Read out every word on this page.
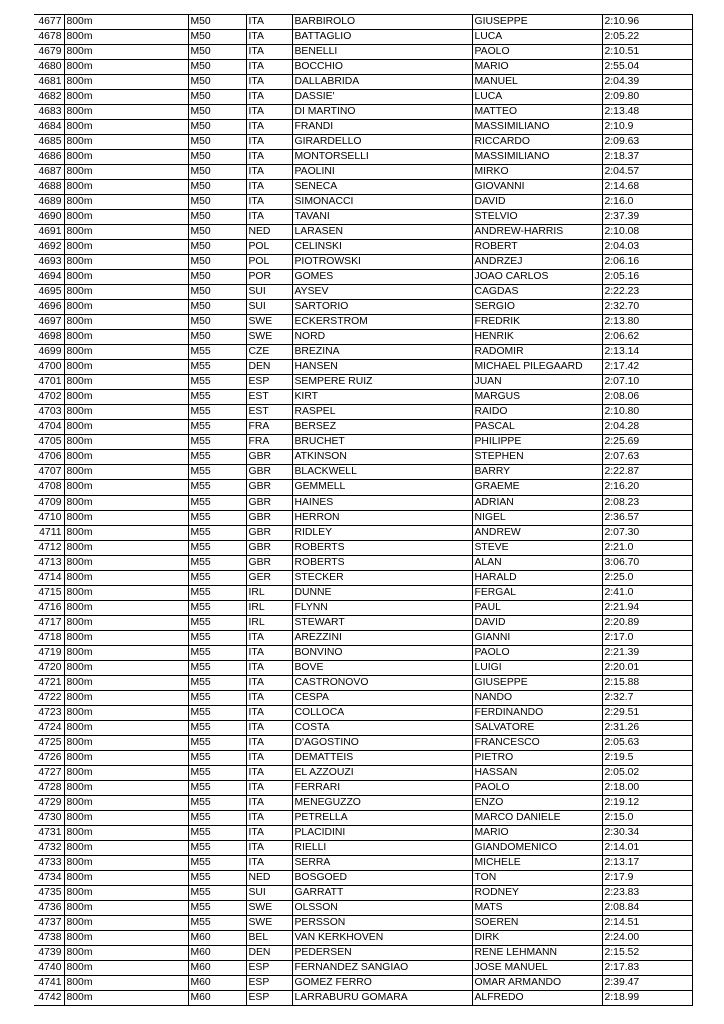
4677	800m	M50	ITA	BARBIROLO	GIUSEPPE	2:10.96
4678	800m	M50	ITA	BATTAGLIO	LUCA	2:05.22
4679	800m	M50	ITA	BENELLI	PAOLO	2:10.51
4680	800m	M50	ITA	BOCCHIO	MARIO	2:55.04
4681	800m	M50	ITA	DALLABRIDA	MANUEL	2:04.39
4682	800m	M50	ITA	DASSIE'	LUCA	2:09.80
4683	800m	M50	ITA	DI MARTINO	MATTEO	2:13.48
4684	800m	M50	ITA	FRANDI	MASSIMILIANO	2:10.9
4685	800m	M50	ITA	GIRARDELLO	RICCARDO	2:09.63
4686	800m	M50	ITA	MONTORSELLI	MASSIMILIANO	2:18.37
4687	800m	M50	ITA	PAOLINI	MIRKO	2:04.57
4688	800m	M50	ITA	SENECA	GIOVANNI	2:14.68
4689	800m	M50	ITA	SIMONACCI	DAVID	2:16.0
4690	800m	M50	ITA	TAVANI	STELVIO	2:37.39
4691	800m	M50	NED	LARASEN	ANDREW-HARRIS	2:10.08
4692	800m	M50	POL	CELINSKI	ROBERT	2:04.03
4693	800m	M50	POL	PIOTROWSKI	ANDRZEJ	2:06.16
4694	800m	M50	POR	GOMES	JOAO CARLOS	2:05.16
4695	800m	M50	SUI	AYSEV	CAGDAS	2:22.23
4696	800m	M50	SUI	SARTORIO	SERGIO	2:32.70
4697	800m	M50	SWE	ECKERSTROM	FREDRIK	2:13.80
4698	800m	M50	SWE	NORD	HENRIK	2:06.62
4699	800m	M55	CZE	BREZINA	RADOMIR	2:13.14
4700	800m	M55	DEN	HANSEN	MICHAEL PILEGAARD	2:17.42
4701	800m	M55	ESP	SEMPERE RUIZ	JUAN	2:07.10
4702	800m	M55	EST	KIRT	MARGUS	2:08.06
4703	800m	M55	EST	RASPEL	RAIDO	2:10.80
4704	800m	M55	FRA	BERSEZ	PASCAL	2:04.28
4705	800m	M55	FRA	BRUCHET	PHILIPPE	2:25.69
4706	800m	M55	GBR	ATKINSON	STEPHEN	2:07.63
4707	800m	M55	GBR	BLACKWELL	BARRY	2:22.87
4708	800m	M55	GBR	GEMMELL	GRAEME	2:16.20
4709	800m	M55	GBR	HAINES	ADRIAN	2:08.23
4710	800m	M55	GBR	HERRON	NIGEL	2:36.57
4711	800m	M55	GBR	RIDLEY	ANDREW	2:07.30
4712	800m	M55	GBR	ROBERTS	STEVE	2:21.0
4713	800m	M55	GBR	ROBERTS	ALAN	3:06.70
4714	800m	M55	GER	STECKER	HARALD	2:25.0
4715	800m	M55	IRL	DUNNE	FERGAL	2:41.0
4716	800m	M55	IRL	FLYNN	PAUL	2:21.94
4717	800m	M55	IRL	STEWART	DAVID	2:20.89
4718	800m	M55	ITA	AREZZINI	GIANNI	2:17.0
4719	800m	M55	ITA	BONVINO	PAOLO	2:21.39
4720	800m	M55	ITA	BOVE	LUIGI	2:20.01
4721	800m	M55	ITA	CASTRONOVO	GIUSEPPE	2:15.88
4722	800m	M55	ITA	CESPA	NANDO	2:32.7
4723	800m	M55	ITA	COLLOCA	FERDINANDO	2:29.51
4724	800m	M55	ITA	COSTA	SALVATORE	2:31.26
4725	800m	M55	ITA	D'AGOSTINO	FRANCESCO	2:05.63
4726	800m	M55	ITA	DEMATTEIS	PIETRO	2:19.5
4727	800m	M55	ITA	EL AZZOUZI	HASSAN	2:05.02
4728	800m	M55	ITA	FERRARI	PAOLO	2:18.00
4729	800m	M55	ITA	MENEGUZZO	ENZO	2:19.12
4730	800m	M55	ITA	PETRELLA	MARCO DANIELE	2:15.0
4731	800m	M55	ITA	PLACIDINI	MARIO	2:30.34
4732	800m	M55	ITA	RIELLI	GIANDOMENICO	2:14.01
4733	800m	M55	ITA	SERRA	MICHELE	2:13.17
4734	800m	M55	NED	BOSGOED	TON	2:17.9
4735	800m	M55	SUI	GARRATT	RODNEY	2:23.83
4736	800m	M55	SWE	OLSSON	MATS	2:08.84
4737	800m	M55	SWE	PERSSON	SOEREN	2:14.51
4738	800m	M60	BEL	VAN KERKHOVEN	DIRK	2:24.00
4739	800m	M60	DEN	PEDERSEN	RENE LEHMANN	2:15.52
4740	800m	M60	ESP	FERNANDEZ SANGIAO	JOSE MANUEL	2:17.83
4741	800m	M60	ESP	GOMEZ FERRO	OMAR ARMANDO	2:39.47
4742	800m	M60	ESP	LARRABURU GOMARA	ALFREDO	2:18.99
